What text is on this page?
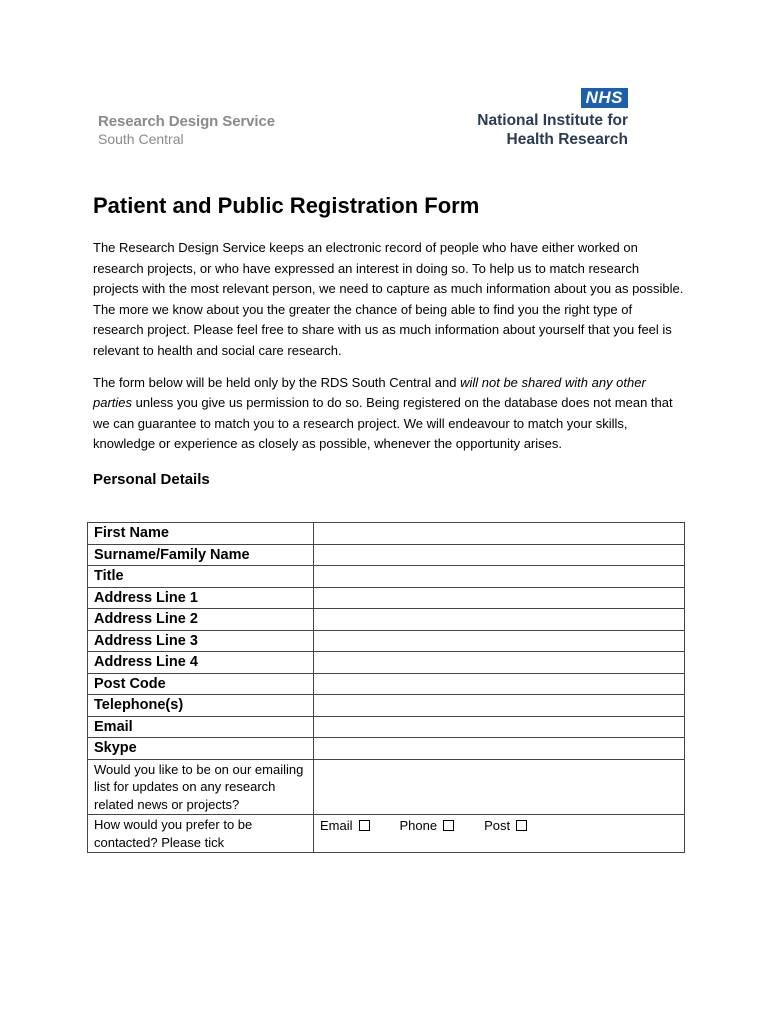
Research Design Service
South Central
NHS
National Institute for
Health Research
Patient and Public Registration Form

The Research Design Service keeps an electronic record of people who have either worked on research projects, or who have expressed an interest in doing so. To help us to match research projects with the most relevant person, we need to capture as much information about you as possible. The more we know about you the greater the chance of being able to find you the right type of research project. Please feel free to share with us as much information about yourself that you feel is relevant to health and social care research.

The form below will be held only by the RDS South Central and will not be shared with any other parties unless you give us permission to do so. Being registered on the database does not mean that we can guarantee to match you to a research project. We will endeavour to match your skills, knowledge or experience as closely as possible, whenever the opportunity arises.

Personal Details
First Name	
Surname/Family Name	
Title	
Address Line 1	
Address Line 2	
Address Line 3	
Address Line 4	
Post Code	
Telephone(s)	
Email	
Skype	
Would you like to be on our emailing list for updates on any research related news or projects?	
How would you prefer to be contacted? Please tick	Email Phone Post
